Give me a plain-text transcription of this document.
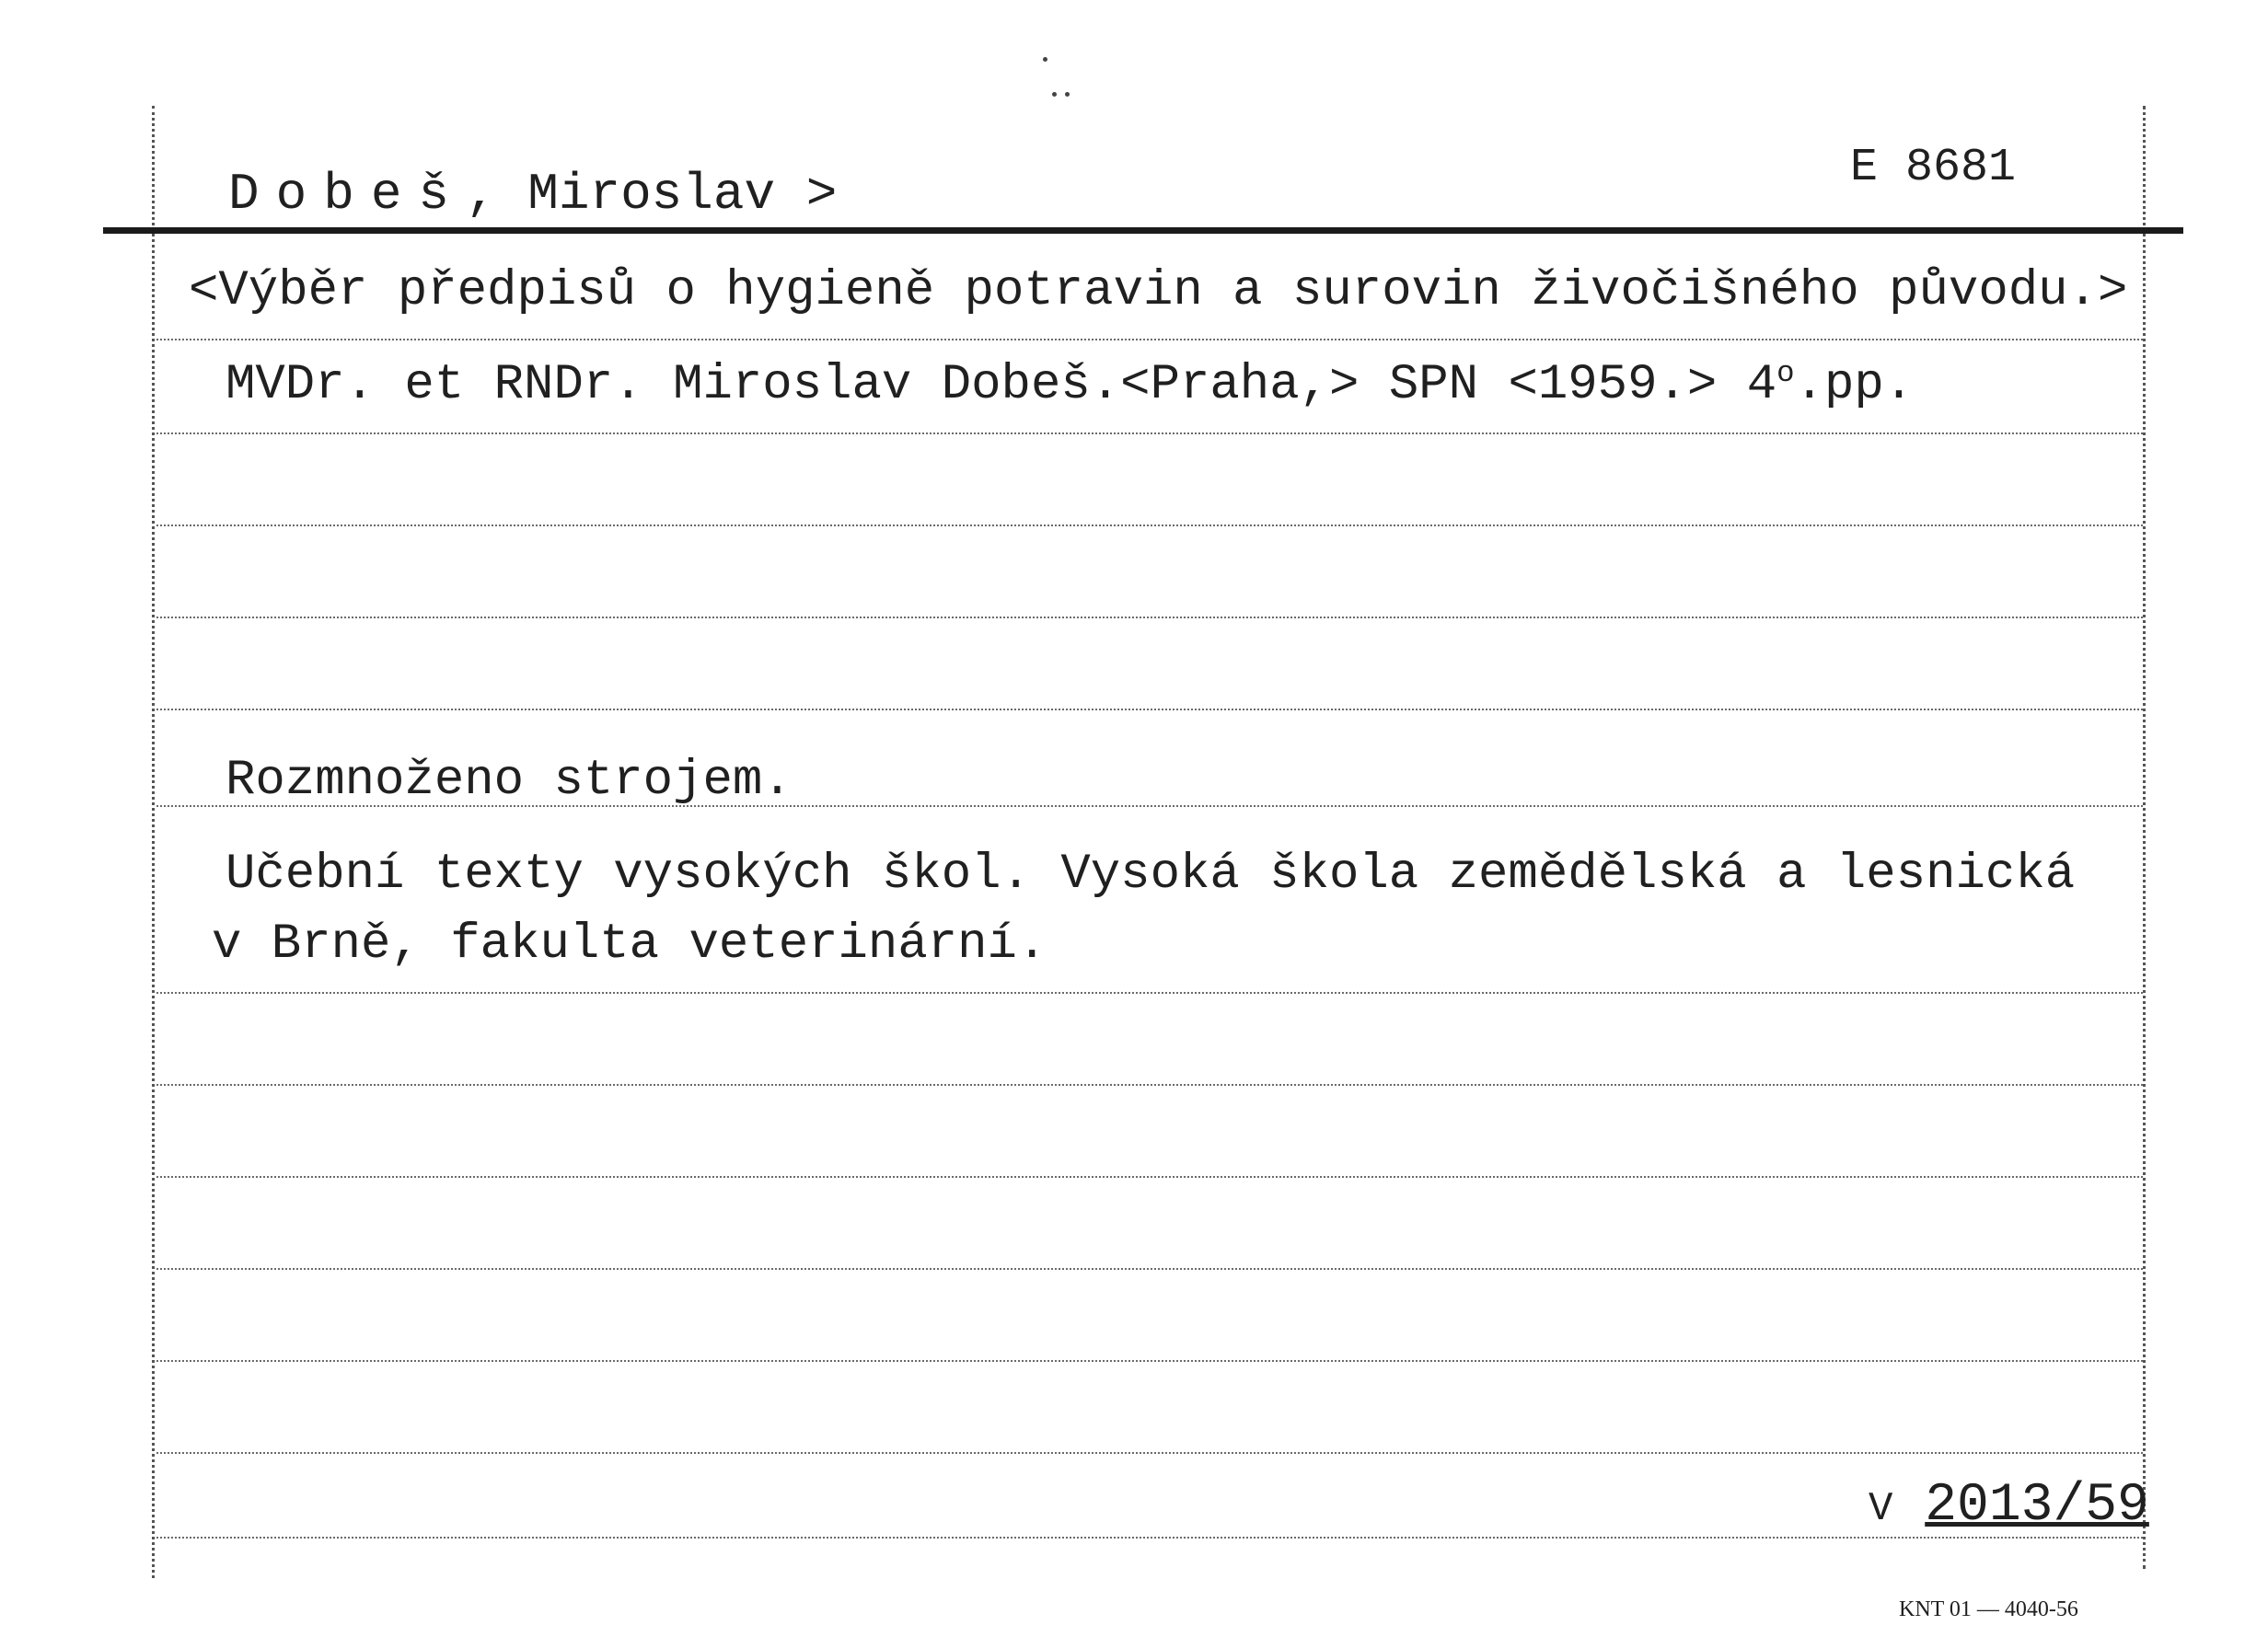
Dobeš, Miroslav >	E 8681
<Výběr předpisů o hygieně potravin a surovin živočišného původu.>
MVDr. et RNDr. Miroslav Dobeš.<Praha,> SPN $<1959.> 4^o.pp$.
Rozmnoženo strojem.
Učební texty vysokých škol. Vysoká škola zemědělská a lesnická
v Brně, fakulta veterinární.
V 2013/59
KNT 01 — 4040-56
